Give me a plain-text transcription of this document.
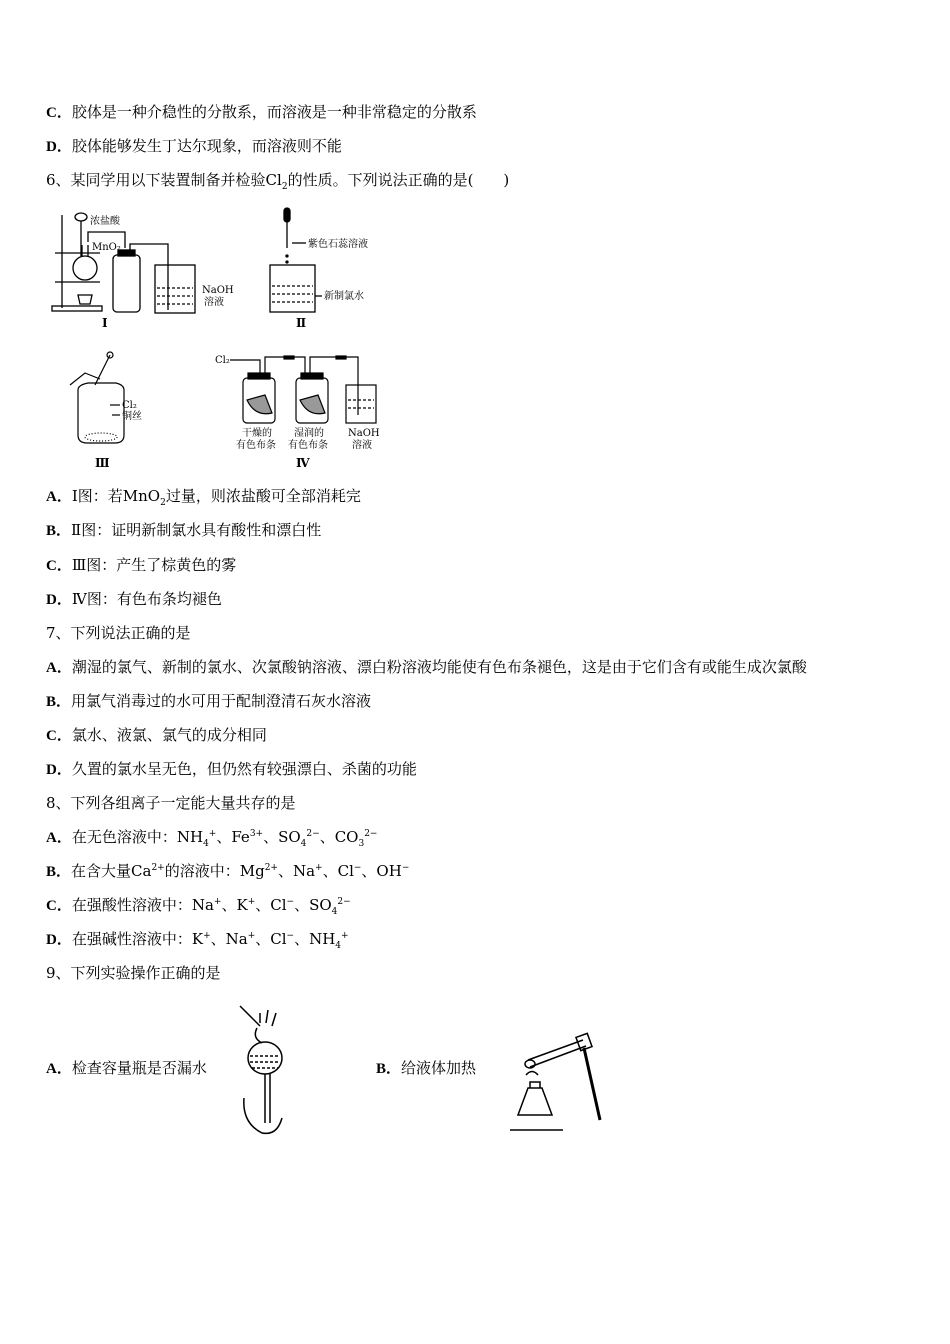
C．胶体是一种介稳性的分散系，而溶液是一种非常稳定的分散系
D．胶体能够发生丁达尔现象，而溶液则不能
6、某同学用以下装置制备并检验$Cl_2$的性质。下列说法正确的是(　　)
A．Ⅰ图：若MnO$_2$过量，则浓盐酸可全部消耗完
B．Ⅱ图：证明新制氯水具有酸性和漂白性
C．Ⅲ图：产生了棕黄色的雾
D．Ⅳ图：有色布条均褪色
7、下列说法正确的是
A．潮湿的氯气、新制的氯水、次氯酸钠溶液、漂白粉溶液均能使有色布条褪色，这是由于它们含有或能生成次氯酸
B．用氯气消毒过的水可用于配制澄清石灰水溶液
C．氯水、液氯、氯气的成分相同
D．久置的氯水呈无色，但仍然有较强漂白、杀菌的功能
8、下列各组离子一定能大量共存的是
A．在无色溶液中：$NH_4^+$、$Fe^{3+}$、$SO_4^{2-}$、$CO_3^{2-}$
B．在含大量$Ca^{2+}$的溶液中：$Mg^{2+}$、Na+、Cl−、OH−
C．在强酸性溶液中：Na+、K+、Cl−、$SO_4^{2-}$
D．在强碱性溶液中：K+、Na+、Cl−、$NH_4^+$
9、下列实验操作正确的是
浓盐酸
MnO₂
NaOH
溶液
Ⅰ
紫色石蕊溶液
新制氯水
Ⅱ
Cl₂
铜丝
Ⅲ
Cl₂
干燥的
有色布条
湿润的
有色布条
NaOH
溶液
Ⅳ
A．检查容量瓶是否漏水	B．给液体加热
